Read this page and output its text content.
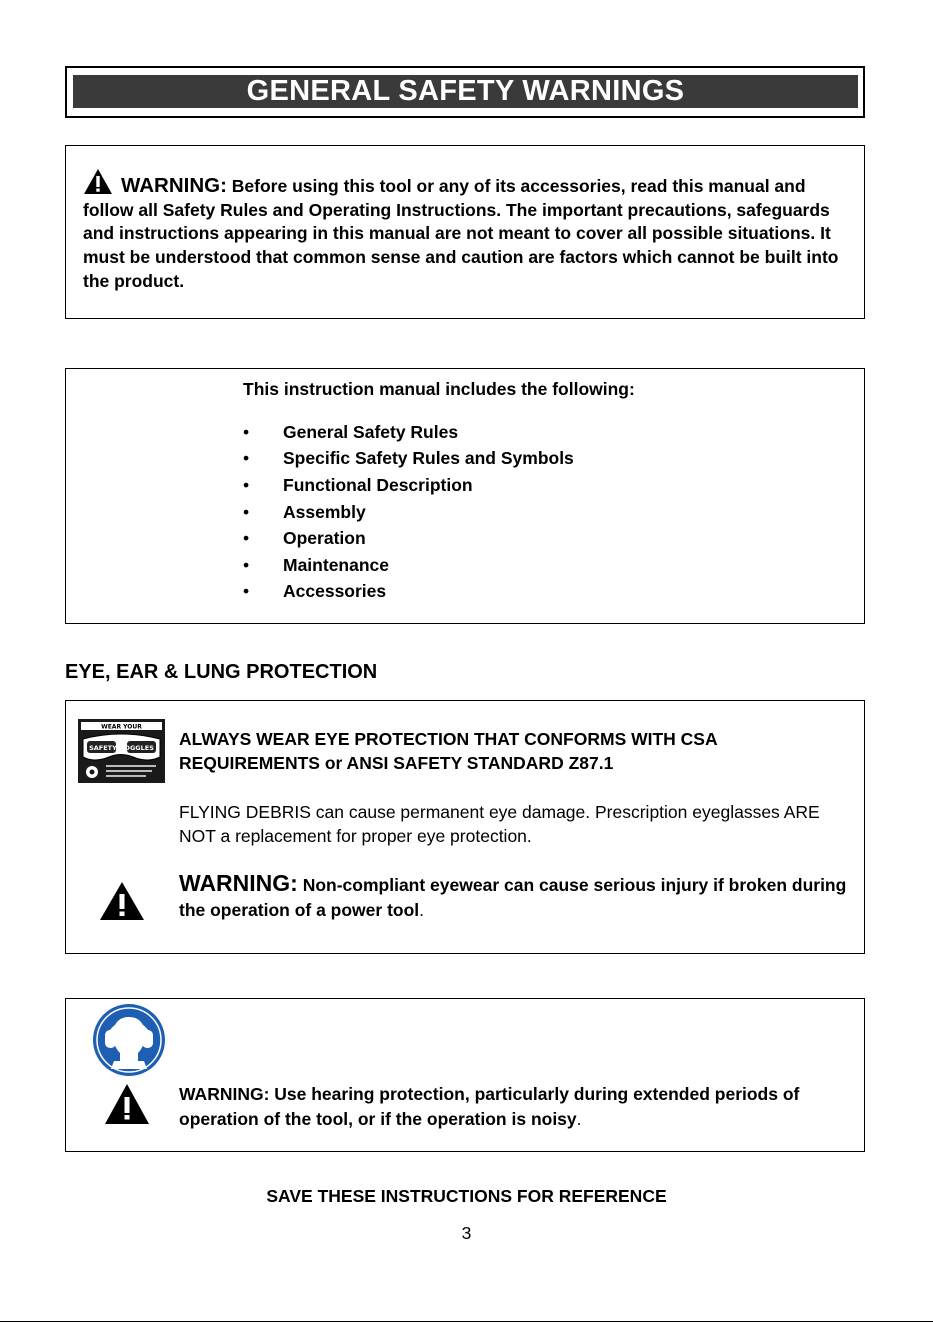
GENERAL SAFETY WARNINGS
WARNING: Before using this tool or any of its accessories, read this manual and follow all Safety Rules and Operating Instructions. The important precautions, safeguards and instructions appearing in this manual are not meant to cover all possible situations. It must be understood that common sense and caution are factors which cannot be built into the product.
This instruction manual includes the following:
•	General Safety Rules
•	Specific Safety Rules and Symbols
•	Functional Description
•	Assembly
•	Operation
•	Maintenance
•	Accessories
EYE, EAR & LUNG PROTECTION
WEAR YOUR
SAFETY GOGGLES ALWAYS WEAR EYE PROTECTION THAT CONFORMS WITH CSA REQUIREMENTS or ANSI SAFETY STANDARD Z87.1
FLYING DEBRIS can cause permanent eye damage. Prescription eyeglasses ARE NOT a replacement for proper eye protection.
WARNING: Non-compliant eyewear can cause serious injury if broken during the operation of a power tool.
WARNING: Use hearing protection, particularly during extended periods of operation of the tool, or if the operation is noisy.
SAVE THESE INSTRUCTIONS FOR REFERENCE
3
